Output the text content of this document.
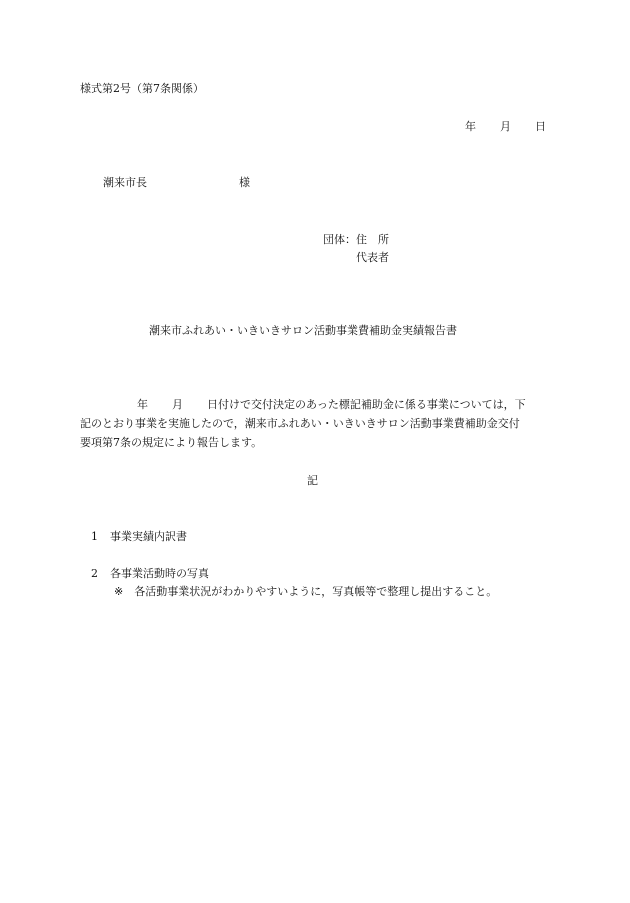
様式第2号（第7条関係）
年 月 日
潮来市長	様
団体：住　所
代表者
潮来市ふれあい・いきいきサロン活動事業費補助金実績報告書
年 月 日付けで交付決定のあった標記補助金に係る事業については，下
記のとおり事業を実施したので，潮来市ふれあい・いきいきサロン活動事業費補助金交付
要項第7条の規定により報告します。
記
1 事業実績内訳書
2 各事業活動時の写真
※ 各活動事業状況がわかりやすいように，写真帳等で整理し提出すること。
